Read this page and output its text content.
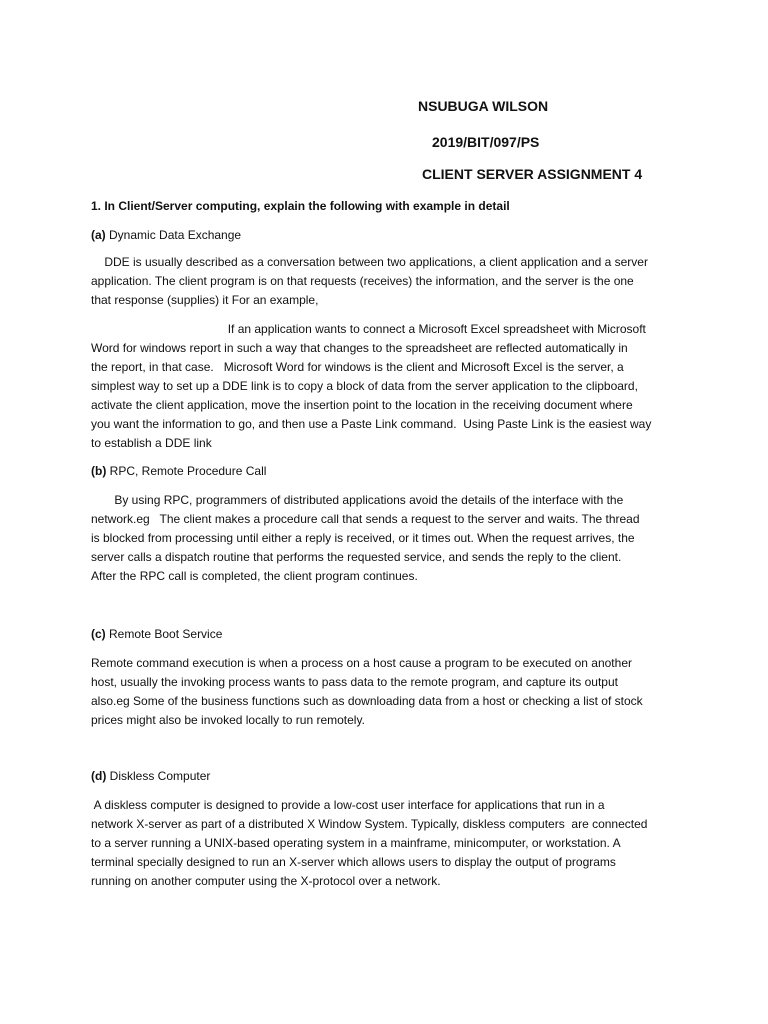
NSUBUGA WILSON
2019/BIT/097/PS
CLIENT SERVER ASSIGNMENT 4
1. In Client/Server computing, explain the following with example in detail
(a) Dynamic Data Exchange
DDE is usually described as a conversation between two applications, a client application and a server
application. The client program is on that requests (receives) the information, and the server is the one
that response (supplies) it For an example,
If an application wants to connect a Microsoft Excel spreadsheet with Microsoft
Word for windows report in such a way that changes to the spreadsheet are reflected automatically in
the report, in that case.   Microsoft Word for windows is the client and Microsoft Excel is the server, a
simplest way to set up a DDE link is to copy a block of data from the server application to the clipboard,
activate the client application, move the insertion point to the location in the receiving document where
you want the information to go, and then use a Paste Link command.  Using Paste Link is the easiest way
to establish a DDE link
(b) RPC, Remote Procedure Call
By using RPC, programmers of distributed applications avoid the details of the interface with the
network.eg   The client makes a procedure call that sends a request to the server and waits. The thread
is blocked from processing until either a reply is received, or it times out. When the request arrives, the
server calls a dispatch routine that performs the requested service, and sends the reply to the client.
After the RPC call is completed, the client program continues.
(c) Remote Boot Service
Remote command execution is when a process on a host cause a program to be executed on another
host, usually the invoking process wants to pass data to the remote program, and capture its output
also.eg Some of the business functions such as downloading data from a host or checking a list of stock
prices might also be invoked locally to run remotely.
(d) Diskless Computer
A diskless computer is designed to provide a low-cost user interface for applications that run in a
network X-server as part of a distributed X Window System. Typically, diskless computers  are connected
to a server running a UNIX-based operating system in a mainframe, minicomputer, or workstation. A
terminal specially designed to run an X-server which allows users to display the output of programs
running on another computer using the X-protocol over a network.
